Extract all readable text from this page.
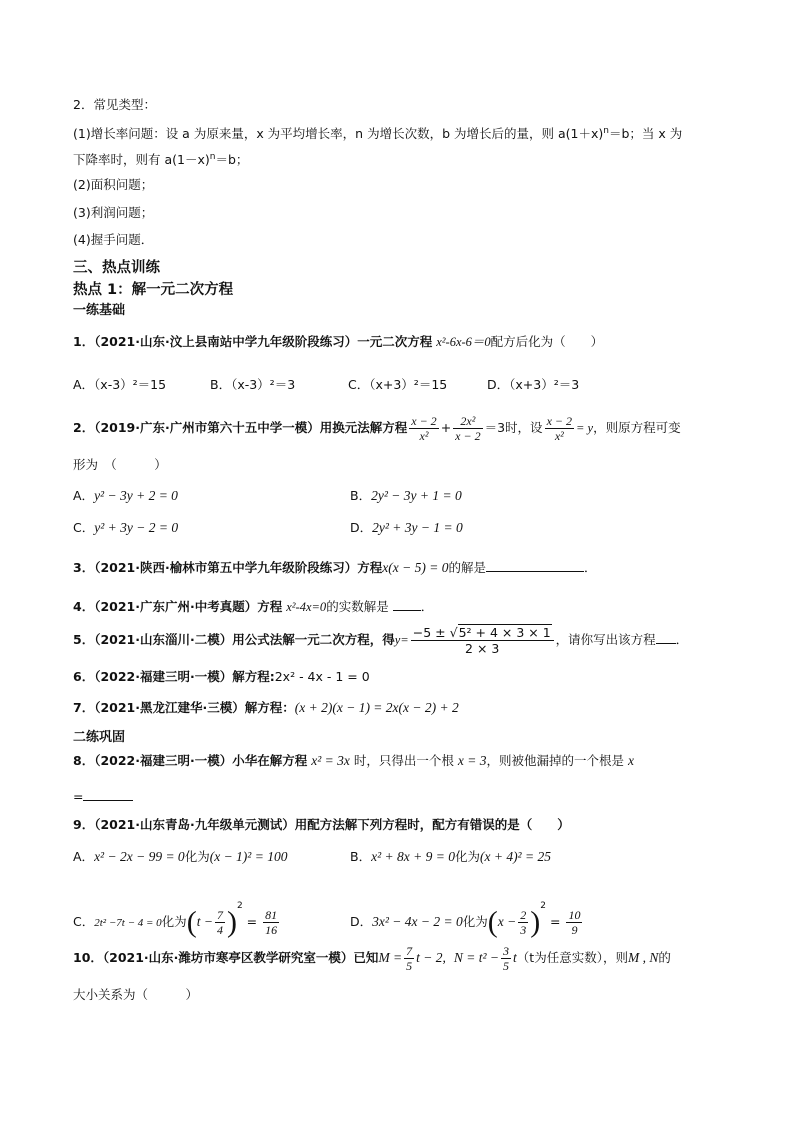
2．常见类型：
(1)增长率问题：设 a 为原来量，x 为平均增长率，n 为增长次数，b 为增长后的量，则 $a(1+x)^n=b$；当 x 为
下降率时，则有 $a(1-x)^n=b$；
(2)面积问题；
(3)利润问题；
(4)握手问题．
三、热点训练
热点 1：解一元二次方程
一练基础
1．（2021·山东·汶上县南站中学九年级阶段练习）一元二次方程 x²-6x-6＝0配方后化为（　　）
A．（x-3）²＝15	B．（x-3）²＝3	C．（x+3）²＝15	D．（x+3）²＝3
2．（2019·广东·广州市第六十五中学一模）用换元法解方程 $\frac{x - 2}{\text{x²}} + \frac{\text{2x²}}{x - 2} =3$时，设 $\frac{x - 2}{\text{x²}} = y$，则原方程可变
形为　（　　　）
A．y² − 3y + 2 = 0	B．2y² − 3y + 1 = 0
C．y² + 3y − 2 = 0	D．2y² + 3y − 1 = 0
3．（2021·陕西·榆林市第五中学九年级阶段练习）方程x(x − 5) = 0的解是	．
4．（2021·广东广州·中考真题）方程 x²-4x=0的实数解是	．
5．（2021·山东淄川·二模）用公式法解一元二次方程，得$y= \frac{\text{−5 ± √5² + 4 × 3 × 1}}{2 \times 3}$ ，请你写出该方程 ．
6．（2022·福建三明·一模）解方程:2x² - 4x - 1 = 0
7．（2021·黑龙江建华·三模）解方程：(x + 2)(x − 1) = 2x(x − 2) + 2
二练巩固
8．（2022·福建三明·一模）小华在解方程 x² = 3x 时，只得出一个根 x = 3，则被他漏掉的一个根是 x
=
9．（2021·山东青岛·九年级单元测试）用配方法解下列方程时，配方有错误的是（　　）
A．x² − 2x − 99 = 0化为(x − 1)² = 100	B．x² + 8x + 9 = 0化为(x + 4)² = 25
C．2t² −7t − 4 = 0化为$(t - \frac{7}{4} )^2 = \frac{81}{16}$	D．3x² − 4x − 2 = 0化为$(x - \frac{2}{3} )^2 = \frac{10}{9}$
10．（2021·山东·潍坊市寒亭区教学研究室一模）已知$M = \frac{7}{5}$ t − 2, $N = t^2 - \frac{3}{5} t(t$为任意实数），则M , N的
大小关系为（　　　）
